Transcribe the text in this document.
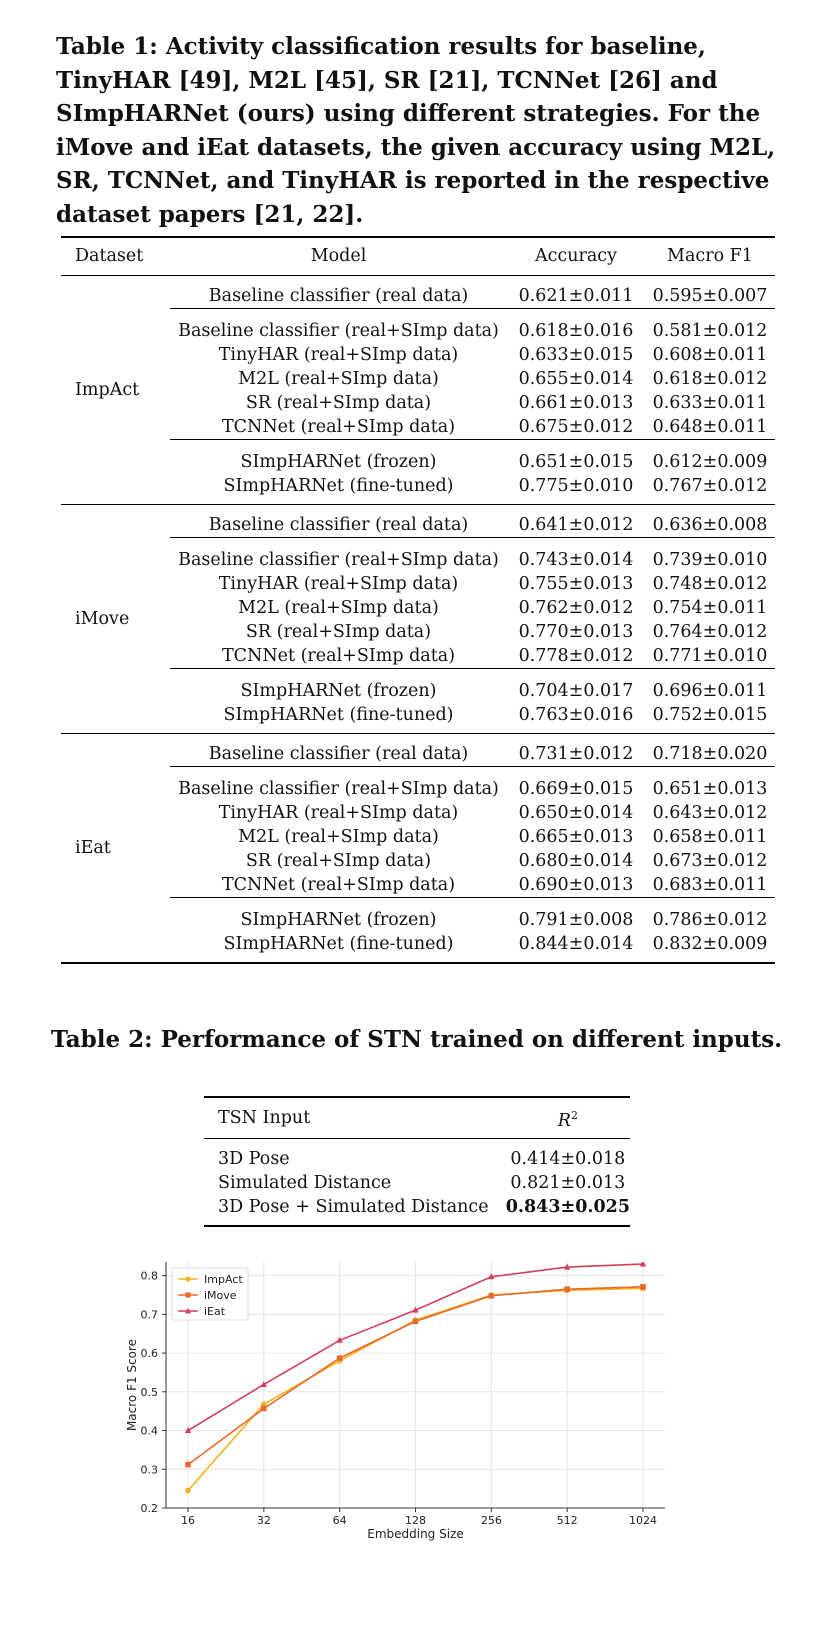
Table 1: Activity classification results for baseline, TinyHAR [49], M2L [45], SR [21], TCNNet [26] and SImpHARNet (ours) using different strategies. For the iMove and iEat datasets, the given accuracy using M2L, SR, TCNNet, and TinyHAR is reported in the respective dataset papers [21, 22].
Dataset	Model	Accuracy	Macro F1
ImpAct			
	Baseline classifier (real data)	0.621±0.011	0.595±0.007

	Baseline classifier (real+SImp data)	0.618±0.016	0.581±0.012
	TinyHAR (real+SImp data)	0.633±0.015	0.608±0.011
	M2L (real+SImp data)	0.655±0.014	0.618±0.012
	SR (real+SImp data)	0.661±0.013	0.633±0.011
	TCNNet (real+SImp data)	0.675±0.012	0.648±0.011

	SImpHARNet (frozen)	0.651±0.015	0.612±0.009
	SImpHARNet (fine-tuned)	0.775±0.010	0.767±0.012

iMove			
	Baseline classifier (real data)	0.641±0.012	0.636±0.008

	Baseline classifier (real+SImp data)	0.743±0.014	0.739±0.010
	TinyHAR (real+SImp data)	0.755±0.013	0.748±0.012
	M2L (real+SImp data)	0.762±0.012	0.754±0.011
	SR (real+SImp data)	0.770±0.013	0.764±0.012
	TCNNet (real+SImp data)	0.778±0.012	0.771±0.010

	SImpHARNet (frozen)	0.704±0.017	0.696±0.011
	SImpHARNet (fine-tuned)	0.763±0.016	0.752±0.015

iEat			
	Baseline classifier (real data)	0.731±0.012	0.718±0.020

	Baseline classifier (real+SImp data)	0.669±0.015	0.651±0.013
	TinyHAR (real+SImp data)	0.650±0.014	0.643±0.012
	M2L (real+SImp data)	0.665±0.013	0.658±0.011
	SR (real+SImp data)	0.680±0.014	0.673±0.012
	TCNNet (real+SImp data)	0.690±0.013	0.683±0.011

	SImpHARNet (frozen)	0.791±0.008	0.786±0.012
	SImpHARNet (fine-tuned)	0.844±0.014	0.832±0.009

Table 2: Performance of STN trained on different inputs.
TSN Input	$R^2$
3D Pose	0.414±0.018
Simulated Distance	0.821±0.013
3D Pose + Simulated Distance	0.843±0.025
0.2
0.3
0.4
0.5
0.6
0.7
0.8
16	32	64	128	256	512	1024
Embedding Size
Macro F1 Score
ImpAct
iMove
iEat
